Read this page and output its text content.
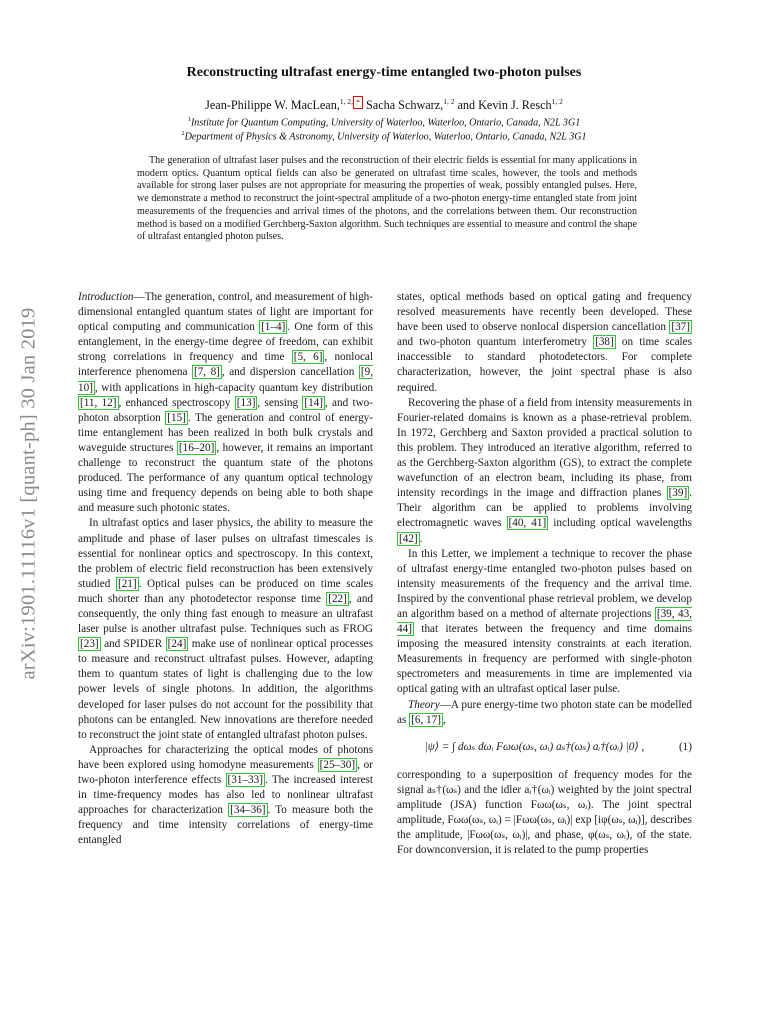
arXiv:1901.11116v1 [quant-ph] 30 Jan 2019
Reconstructing ultrafast energy-time entangled two-photon pulses
Jean-Philippe W. MacLean,$^{1, 2,}$ * Sacha Schwarz,$^{1, 2}$ and Kevin J. Resch$^{1, 2}$
$^1$Institute for Quantum Computing, University of Waterloo, Waterloo, Ontario, Canada, N2L 3G1
$^2$Department of Physics & Astronomy, University of Waterloo, Waterloo, Ontario, Canada, N2L 3G1

The generation of ultrafast laser pulses and the reconstruction of their electric fields is essential for many applications in modern optics. Quantum optical fields can also be generated on ultrafast time scales, however, the tools and methods available for strong laser pulses are not appropriate for measuring the properties of weak, possibly entangled pulses. Here, we demonstrate a method to reconstruct the joint-spectral amplitude of a two-photon energy-time entangled state from joint measurements of the frequencies and arrival times of the photons, and the correlations between them. Our reconstruction method is based on a modified Gerchberg-Saxton algorithm. Such techniques are essential to measure and control the shape of ultrafast entangled photon pulses.

Introduction—The generation, control, and measurement of high-dimensional entangled quantum states of light are important for optical computing and communication [1–4] . One form of this entanglement, in the energy-time degree of freedom, can exhibit strong correlations in frequency and time [5, 6] , nonlocal interference phenomena [7, 8] , and dispersion cancellation [9, 10] , with applications in high-capacity quantum key distribution [11, 12] , enhanced spectroscopy [13] , sensing [14] , and two-photon absorption [15] . The generation and control of energy-time entanglement has been realized in both bulk crystals and waveguide structures [16–20] , however, it remains an important challenge to reconstruct the quantum state of the photons produced. The performance of any quantum optical technology using time and frequency depends on being able to both shape and measure such photonic states.

In ultrafast optics and laser physics, the ability to measure the amplitude and phase of laser pulses on ultrafast timescales is essential for nonlinear optics and spectroscopy. In this context, the problem of electric field reconstruction has been extensively studied [21] . Optical pulses can be produced on time scales much shorter than any photodetector response time [22] , and consequently, the only thing fast enough to measure an ultrafast laser pulse is another ultrafast pulse. Techniques such as FROG [23] and SPIDER [24] make use of nonlinear optical processes to measure and reconstruct ultrafast pulses. However, adapting them to quantum states of light is challenging due to the low power levels of single photons. In addition, the algorithms developed for laser pulses do not account for the possibility that photons can be entangled. New innovations are therefore needed to reconstruct the joint state of entangled ultrafast photon pulses.

Approaches for characterizing the optical modes of photons have been explored using homodyne measurements [25–30] , or two-photon interference effects [31–33] . The increased interest in time-frequency modes has also led to nonlinear ultrafast approaches for characterization [34–36] . To measure both the frequency and time intensity correlations of energy-time entangled

states, optical methods based on optical gating and frequency resolved measurements have recently been developed. These have been used to observe nonlocal dispersion cancellation [37] and two-photon quantum interferometry [38] on time scales inaccessible to standard photodetectors. For complete characterization, however, the joint spectral phase is also required.

Recovering the phase of a field from intensity measurements in Fourier-related domains is known as a phase-retrieval problem. In 1972, Gerchberg and Saxton provided a practical solution to this problem. They introduced an iterative algorithm, referred to as the Gerchberg-Saxton algorithm (GS), to extract the complete wavefunction of an electron beam, including its phase, from intensity recordings in the image and diffraction planes [39] . Their algorithm can be applied to problems involving electromagnetic waves [40, 41] including optical wavelengths [42] .

In this Letter, we implement a technique to recover the phase of ultrafast energy-time entangled two-photon pulses based on intensity measurements of the frequency and the arrival time. Inspired by the conventional phase retrieval problem, we develop an algorithm based on a method of alternate projections [39, 43, 44] that iterates between the frequency and time domains imposing the measured intensity constraints at each iteration. Measurements in frequency are performed with single-photon spectrometers and measurements in time are implemented via optical gating with an ultrafast optical laser pulse.

Theory—A pure energy-time two photon state can be modelled as [6, 17] ,

|ψ⟩ = ∫ dωₛ dωᵢ Fωω(ωₛ, ωᵢ) aₛ†(ωₛ) aᵢ†(ωᵢ) |0⟩ ,	(1)

corresponding to a superposition of frequency modes for the signal aₛ†(ωₛ) and the idler aᵢ†(ωᵢ) weighted by the joint spectral amplitude (JSA) function Fωω(ωₛ, ωᵢ). The joint spectral amplitude, Fωω(ωₛ, ωᵢ) = |Fωω(ωₛ, ωᵢ)| exp [iφ(ωₛ, ωᵢ)], describes the amplitude, |Fωω(ωₛ, ωᵢ)|, and phase, φ(ωₛ, ωᵢ), of the state. For downconversion, it is related to the pump properties
